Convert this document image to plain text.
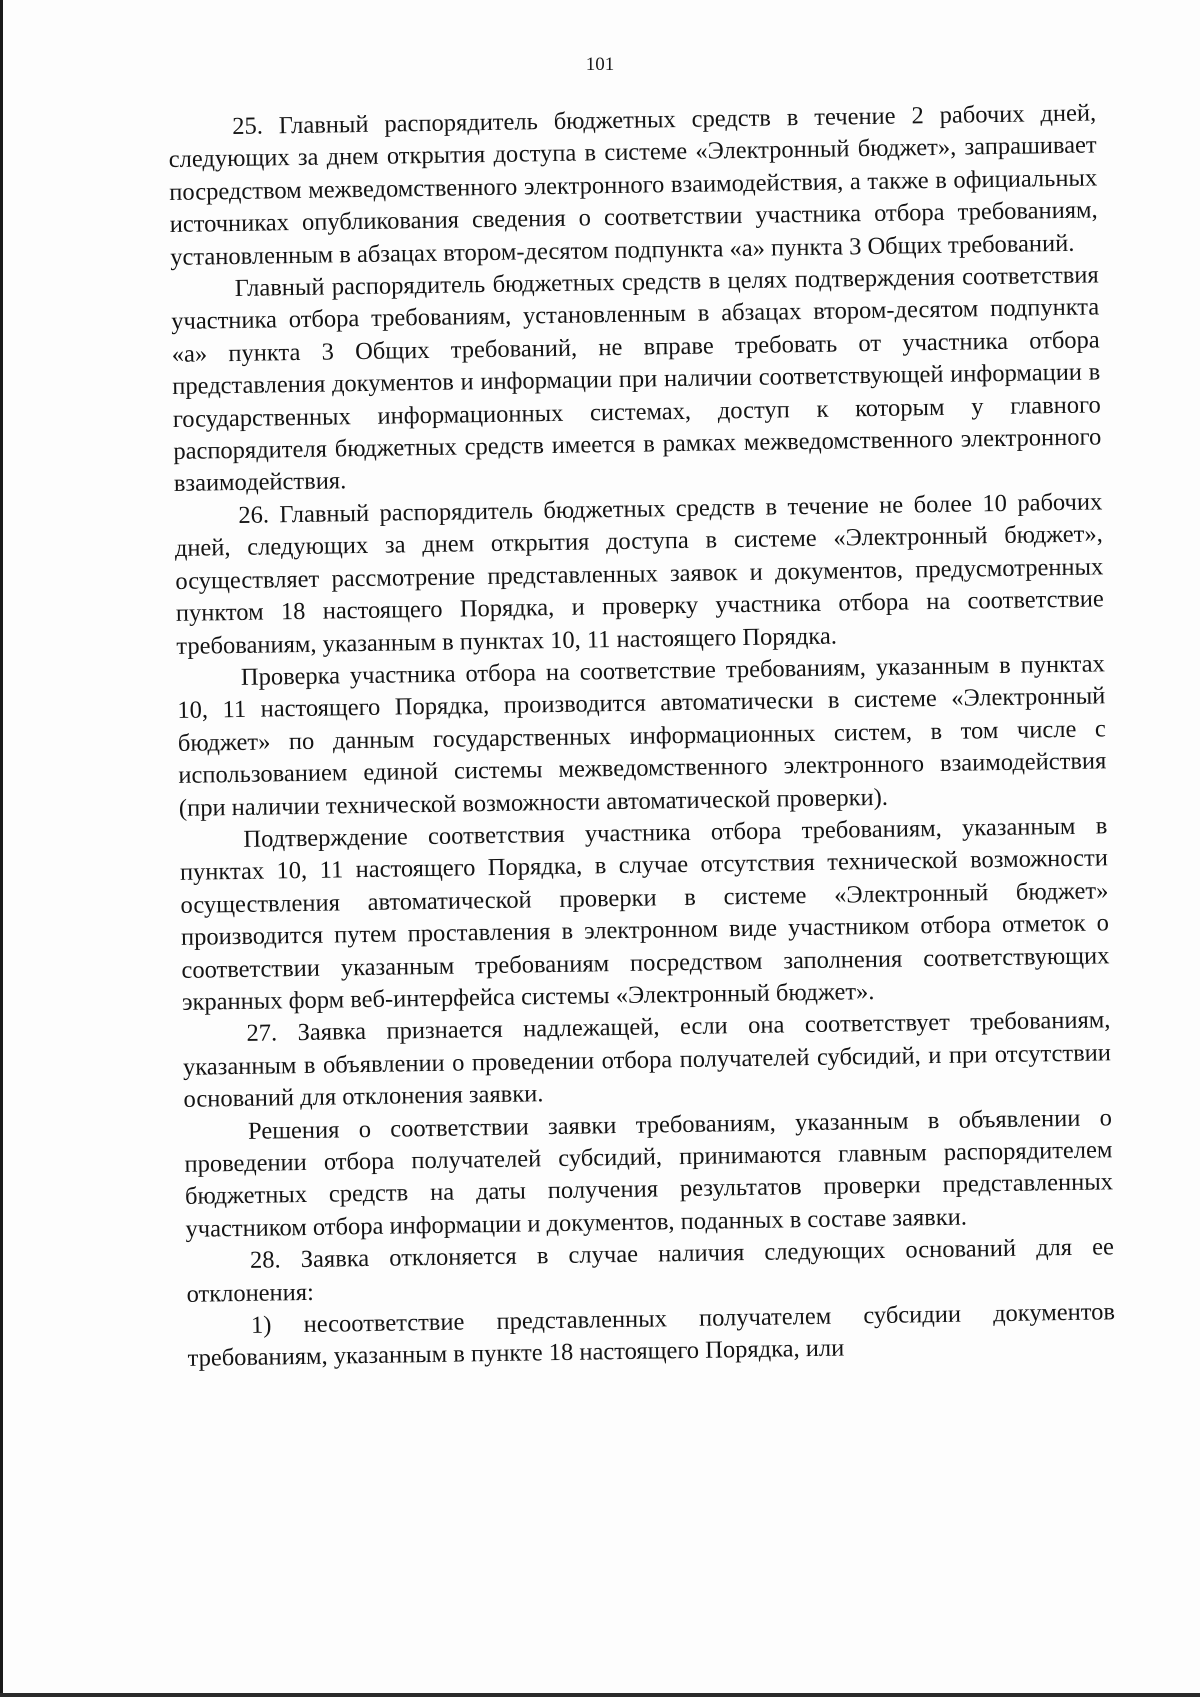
101

25. Главный распорядитель бюджетных средств в течение 2 рабочих дней, следующих за днем открытия доступа в системе «Электронный бюджет», запрашивает посредством межведомственного электронного взаимодействия, а также в официальных источниках опубликования сведения о соответствии участника отбора требованиям, установленным в абзацах втором-десятом подпункта «а» пункта 3 Общих требований.

Главный распорядитель бюджетных средств в целях подтверждения соответствия участника отбора требованиям, установленным в абзацах втором-десятом подпункта «а» пункта 3 Общих требований, не вправе требовать от участника отбора представления документов и информации при наличии соответствующей информации в государственных информационных системах, доступ к которым у главного распорядителя бюджетных средств имеется в рамках межведомственного электронного взаимодействия.

26. Главный распорядитель бюджетных средств в течение не более 10 рабочих дней, следующих за днем открытия доступа в системе «Электронный бюджет», осуществляет рассмотрение представленных заявок и документов, предусмотренных пунктом 18 настоящего Порядка, и проверку участника отбора на соответствие требованиям, указанным в пунктах 10, 11 настоящего Порядка.

Проверка участника отбора на соответствие требованиям, указанным в пунктах 10, 11 настоящего Порядка, производится автоматически в системе «Электронный бюджет» по данным государственных информационных систем, в том числе с использованием единой системы межведомственного электронного взаимодействия (при наличии технической возможности автоматической проверки).

Подтверждение соответствия участника отбора требованиям, указанным в пунктах 10, 11 настоящего Порядка, в случае отсутствия технической возможности осуществления автоматической проверки в системе «Электронный бюджет» производится путем проставления в электронном виде участником отбора отметок о соответствии указанным требованиям посредством заполнения соответствующих экранных форм веб-интерфейса системы «Электронный бюджет».

27. Заявка признается надлежащей, если она соответствует требованиям, указанным в объявлении о проведении отбора получателей субсидий, и при отсутствии оснований для отклонения заявки.

Решения о соответствии заявки требованиям, указанным в объявлении о проведении отбора получателей субсидий, принимаются главным распорядителем бюджетных средств на даты получения результатов проверки представленных участником отбора информации и документов, поданных в составе заявки.

28. Заявка отклоняется в случае наличия следующих оснований для ее отклонения:

1) несоответствие представленных получателем субсидии документов требованиям, указанным в пункте 18 настоящего Порядка, или
